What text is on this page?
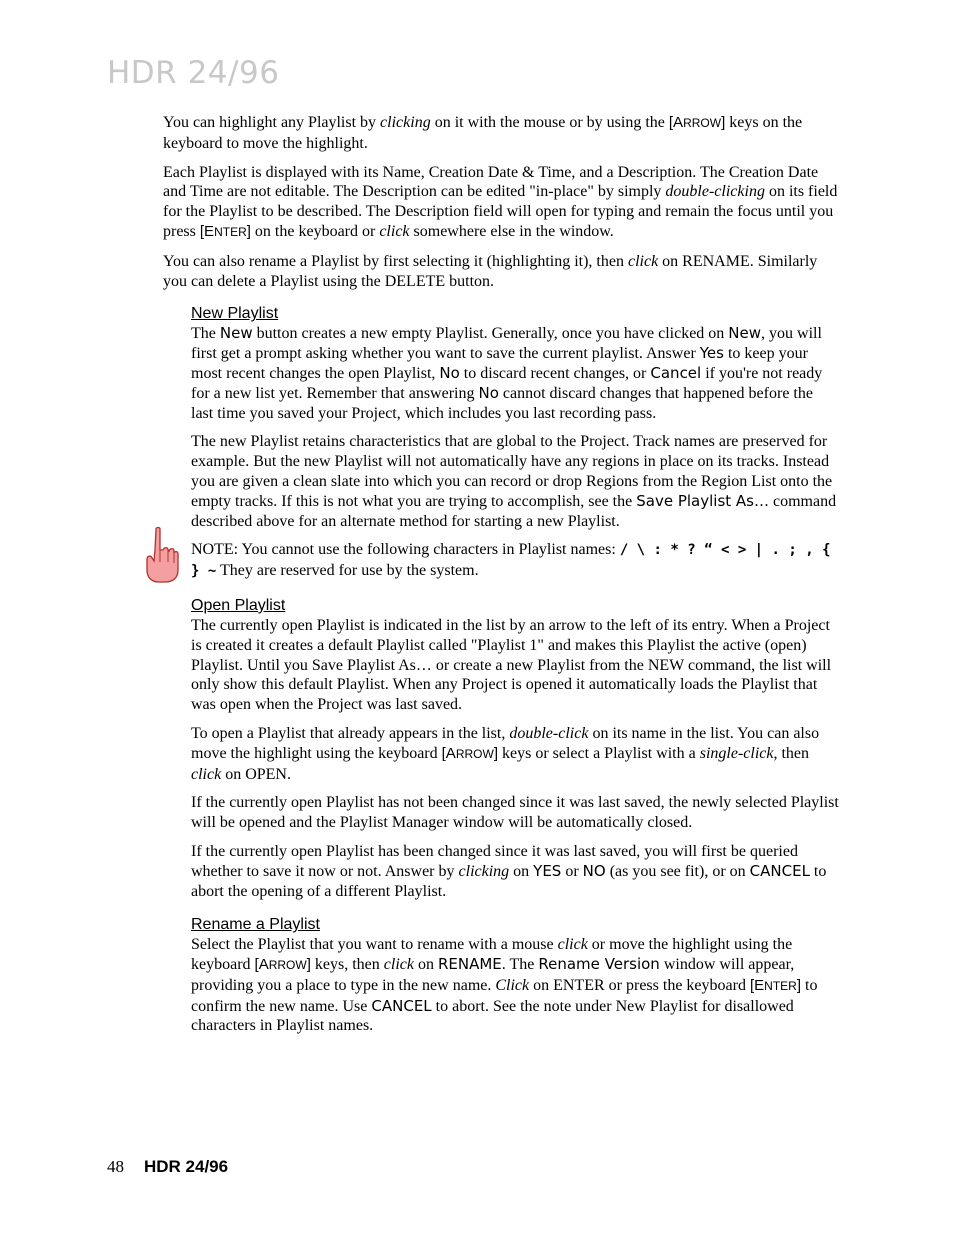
HDR 24/96

You can highlight any Playlist by clicking on it with the mouse or by using the [ARROW] keys on the keyboard to move the highlight.

Each Playlist is displayed with its Name, Creation Date & Time, and a Description. The Creation Date and Time are not editable. The Description can be edited "in-place" by simply double-clicking on its field for the Playlist to be described. The Description field will open for typing and remain the focus until you press [ENTER] on the keyboard or click somewhere else in the window.

You can also rename a Playlist by first selecting it (highlighting it), then click on RENAME. Similarly you can delete a Playlist using the DELETE button.

New Playlist

The New button creates a new empty Playlist. Generally, once you have clicked on New, you will first get a prompt asking whether you want to save the current playlist. Answer Yes to keep your most recent changes the open Playlist, No to discard recent changes, or Cancel if you're not ready for a new list yet. Remember that answering No cannot discard changes that happened before the last time you saved your Project, which includes you last recording pass.

The new Playlist retains characteristics that are global to the Project. Track names are preserved for example. But the new Playlist will not automatically have any regions in place on its tracks. Instead you are given a clean slate into which you can record or drop Regions from the Region List onto the empty tracks. If this is not what you are trying to accomplish, see the Save Playlist As… command described above for an alternate method for starting a new Playlist.

NOTE: You cannot use the following characters in Playlist names: / \ : * ? “ < > | . ; , { } ~ They are reserved for use by the system.

Open Playlist

The currently open Playlist is indicated in the list by an arrow to the left of its entry. When a Project is created it creates a default Playlist called "Playlist 1" and makes this Playlist the active (open) Playlist. Until you Save Playlist As… or create a new Playlist from the NEW command, the list will only show this default Playlist. When any Project is opened it automatically loads the Playlist that was open when the Project was last saved.

To open a Playlist that already appears in the list, double-click on its name in the list. You can also move the highlight using the keyboard [ARROW] keys or select a Playlist with a single-click, then click on OPEN.

If the currently open Playlist has not been changed since it was last saved, the newly selected Playlist will be opened and the Playlist Manager window will be automatically closed.

If the currently open Playlist has been changed since it was last saved, you will first be queried whether to save it now or not. Answer by clicking on YES or NO (as you see fit), or on CANCEL to abort the opening of a different Playlist.

Rename a Playlist

Select the Playlist that you want to rename with a mouse click or move the highlight using the keyboard [ARROW] keys, then click on RENAME. The Rename Version window will appear, providing you a place to type in the new name. Click on ENTER or press the keyboard [ENTER] to confirm the new name. Use CANCEL to abort. See the note under New Playlist for disallowed characters in Playlist names.

48 HDR 24/96
